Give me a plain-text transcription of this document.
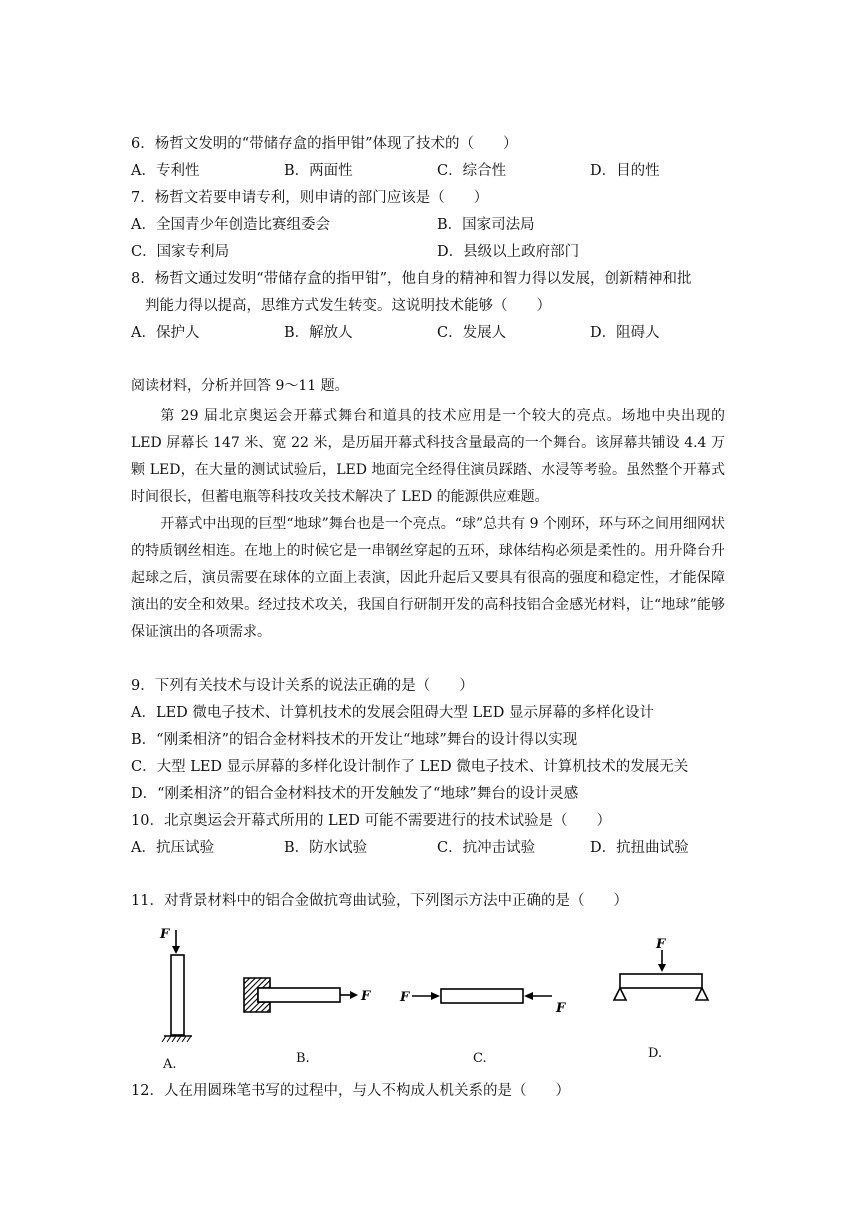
6．杨哲文发明的“带储存盒的指甲钳”体现了技术的（　　）
A．专利性	B．两面性	C．综合性	D．目的性
7．杨哲文若要申请专利，则申请的部门应该是（　　）
A．全国青少年创造比赛组委会	B．国家司法局
C．国家专利局	D．县级以上政府部门
8．杨哲文通过发明“带储存盒的指甲钳”，他自身的精神和智力得以发展，创新精神和批
判能力得以提高，思维方式发生转变。这说明技术能够（　　）
A．保护人	B．解放人	C．发展人	D．阻碍人
阅读材料，分析并回答 9～11 题。

第 29 届北京奥运会开幕式舞台和道具的技术应用是一个较大的亮点。场地中央出现的 LED 屏幕长 147 米、宽 22 米，是历届开幕式科技含量最高的一个舞台。该屏幕共铺设 4.4 万颗 LED，在大量的测试试验后，LED 地面完全经得住演员踩踏、水浸等考验。虽然整个开幕式时间很长，但蓄电瓶等科技攻关技术解决了 LED 的能源供应难题。

开幕式中出现的巨型“地球”舞台也是一个亮点。“球”总共有 9 个刚环，环与环之间用细网状的特质钢丝相连。在地上的时候它是一串钢丝穿起的五环，球体结构必须是柔性的。用升降台升起球之后，演员需要在球体的立面上表演，因此升起后又要具有很高的强度和稳定性，才能保障演出的安全和效果。经过技术攻关，我国自行研制开发的高科技铝合金感光材料，让“地球”能够保证演出的各项需求。

9．下列有关技术与设计关系的说法正确的是（　　）
A．LED 微电子技术、计算机技术的发展会阻碍大型 LED 显示屏幕的多样化设计
B．“刚柔相济”的铝合金材料技术的开发让“地球”舞台的设计得以实现
C．大型 LED 显示屏幕的多样化设计制作了 LED 微电子技术、计算机技术的发展无关
D．“刚柔相济”的铝合金材料技术的开发触发了“地球”舞台的设计灵感
10．北京奥运会开幕式所用的 LED 可能不需要进行的技术试验是（　　）
A．抗压试验	B．防水试验	C．抗冲击试验	D．抗扭曲试验
11．对背景材料中的铝合金做抗弯曲试验，下列图示方法中正确的是（　　）
F
A.
F
B.
F
F
C.
F
D.
12．人在用圆珠笔书写的过程中，与人不构成人机关系的是（　　）
